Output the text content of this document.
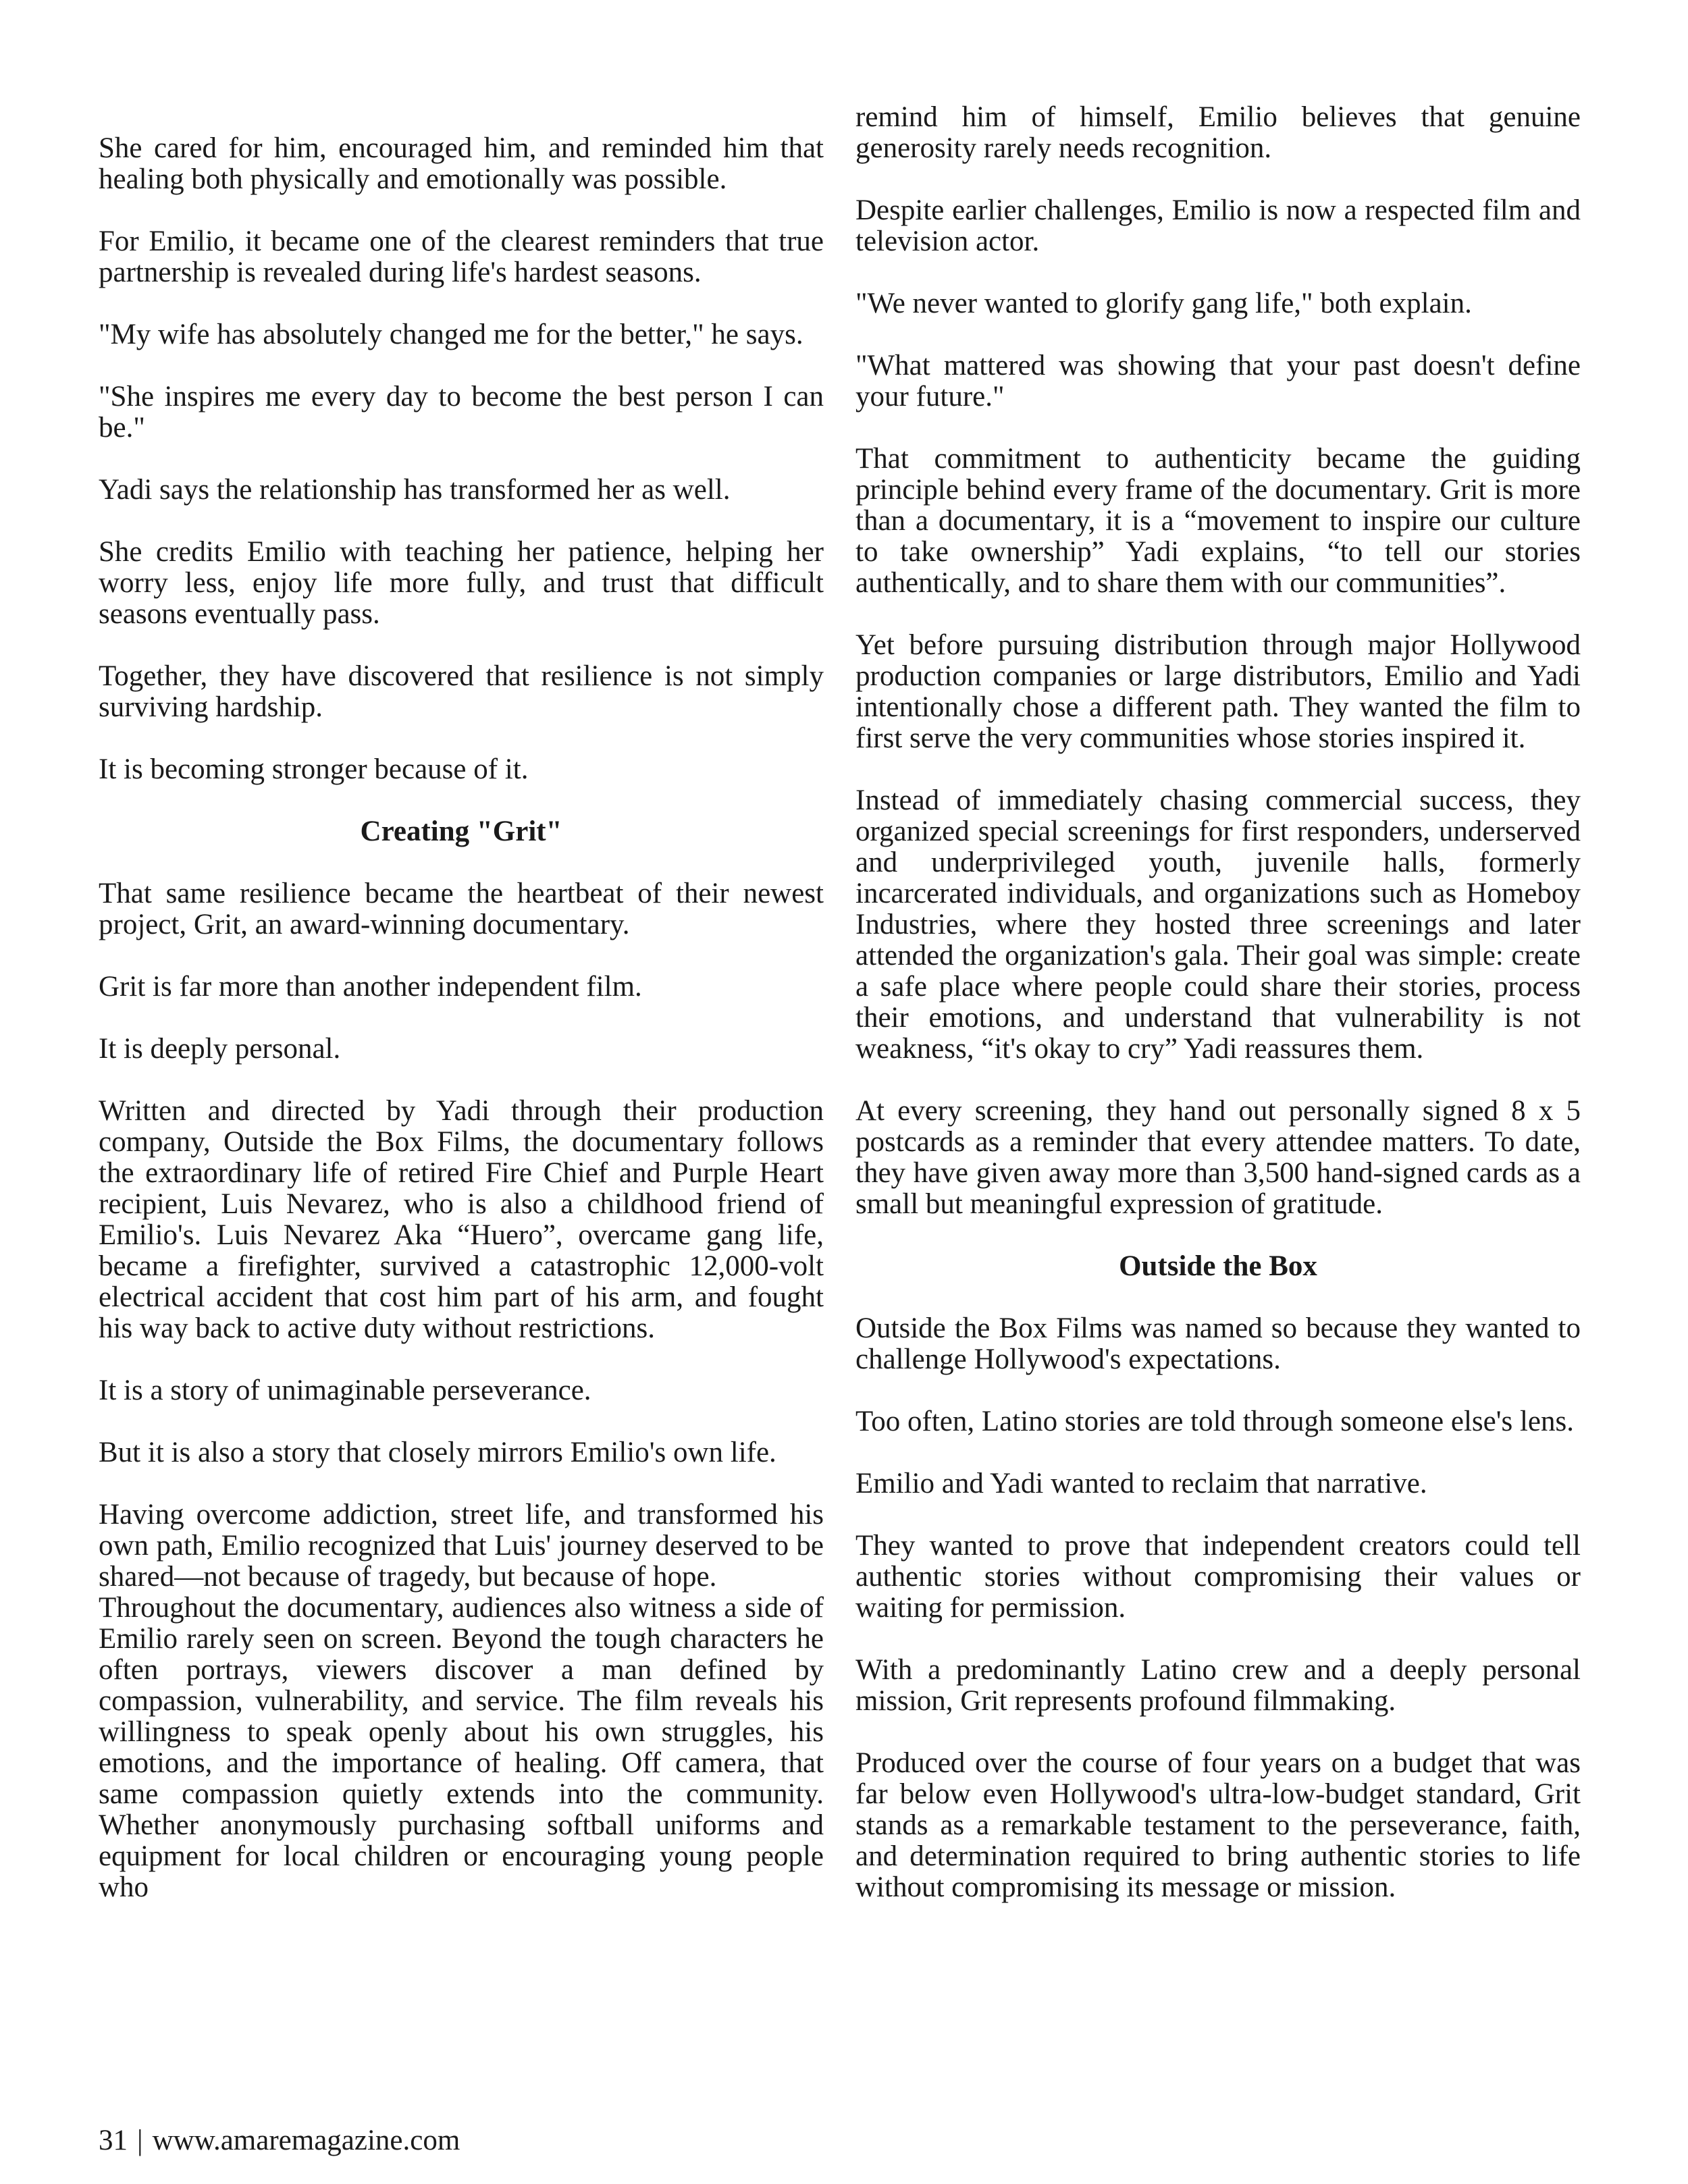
She cared for him, encouraged him, and reminded him that healing both physically and emotionally was possible.

For Emilio, it became one of the clearest reminders that true partnership is revealed during life's hardest seasons.

"My wife has absolutely changed me for the better," he says.

"She inspires me every day to become the best person I can be."

Yadi says the relationship has transformed her as well.

She credits Emilio with teaching her patience, helping her worry less, enjoy life more fully, and trust that difficult seasons eventually pass.

Together, they have discovered that resilience is not simply surviving hardship.

It is becoming stronger because of it.

Creating "Grit"

That same resilience became the heartbeat of their newest project, Grit, an award-winning documentary.

Grit is far more than another independent film.

It is deeply personal.

Written and directed by Yadi through their production company, Outside the Box Films, the documentary follows the extraordinary life of retired Fire Chief and Purple Heart recipient, Luis Nevarez, who is also a childhood friend of Emilio's. Luis Nevarez Aka “Huero”, overcame gang life, became a firefighter, survived a catastrophic 12,000-volt electrical accident that cost him part of his arm, and fought his way back to active duty without restrictions.

It is a story of unimaginable perseverance.

But it is also a story that closely mirrors Emilio's own life.

Having overcome addiction, street life, and transformed his own path, Emilio recognized that Luis' journey deserved to be shared—not because of tragedy, but because of hope.

Throughout the documentary, audiences also witness a side of Emilio rarely seen on screen. Beyond the tough characters he often portrays, viewers discover a man defined by compassion, vulnerability, and service. The film reveals his willingness to speak openly about his own struggles, his emotions, and the importance of healing. Off camera, that same compassion quietly extends into the community. Whether anonymously purchasing softball uniforms and equipment for local children or encouraging young people who

remind him of himself, Emilio believes that genuine generosity rarely needs recognition.

Despite earlier challenges, Emilio is now a respected film and television actor.

"We never wanted to glorify gang life," both explain.

"What mattered was showing that your past doesn't define your future."

That commitment to authenticity became the guiding principle behind every frame of the documentary. Grit is more than a documentary, it is a “movement to inspire our culture to take ownership” Yadi explains, “to tell our stories authentically, and to share them with our communities”.

Yet before pursuing distribution through major Hollywood production companies or large distributors, Emilio and Yadi intentionally chose a different path. They wanted the film to first serve the very communities whose stories inspired it.

Instead of immediately chasing commercial success, they organized special screenings for first responders, underserved and underprivileged youth, juvenile halls, formerly incarcerated individuals, and organizations such as Homeboy Industries, where they hosted three screenings and later attended the organization's gala. Their goal was simple: create a safe place where people could share their stories, process their emotions, and understand that vulnerability is not weakness, “it's okay to cry” Yadi reassures them.

At every screening, they hand out personally signed 8 x 5 postcards as a reminder that every attendee matters. To date, they have given away more than 3,500 hand-signed cards as a small but meaningful expression of gratitude.

Outside the Box

Outside the Box Films was named so because they wanted to challenge Hollywood's expectations.

Too often, Latino stories are told through someone else's lens.

Emilio and Yadi wanted to reclaim that narrative.

They wanted to prove that independent creators could tell authentic stories without compromising their values or waiting for permission.

With a predominantly Latino crew and a deeply personal mission, Grit represents profound filmmaking.

Produced over the course of four years on a budget that was far below even Hollywood's ultra-low-budget standard, Grit stands as a remarkable testament to the perseverance, faith, and determination required to bring authentic stories to life without compromising its message or mission.

31 | www.amaremagazine.com
